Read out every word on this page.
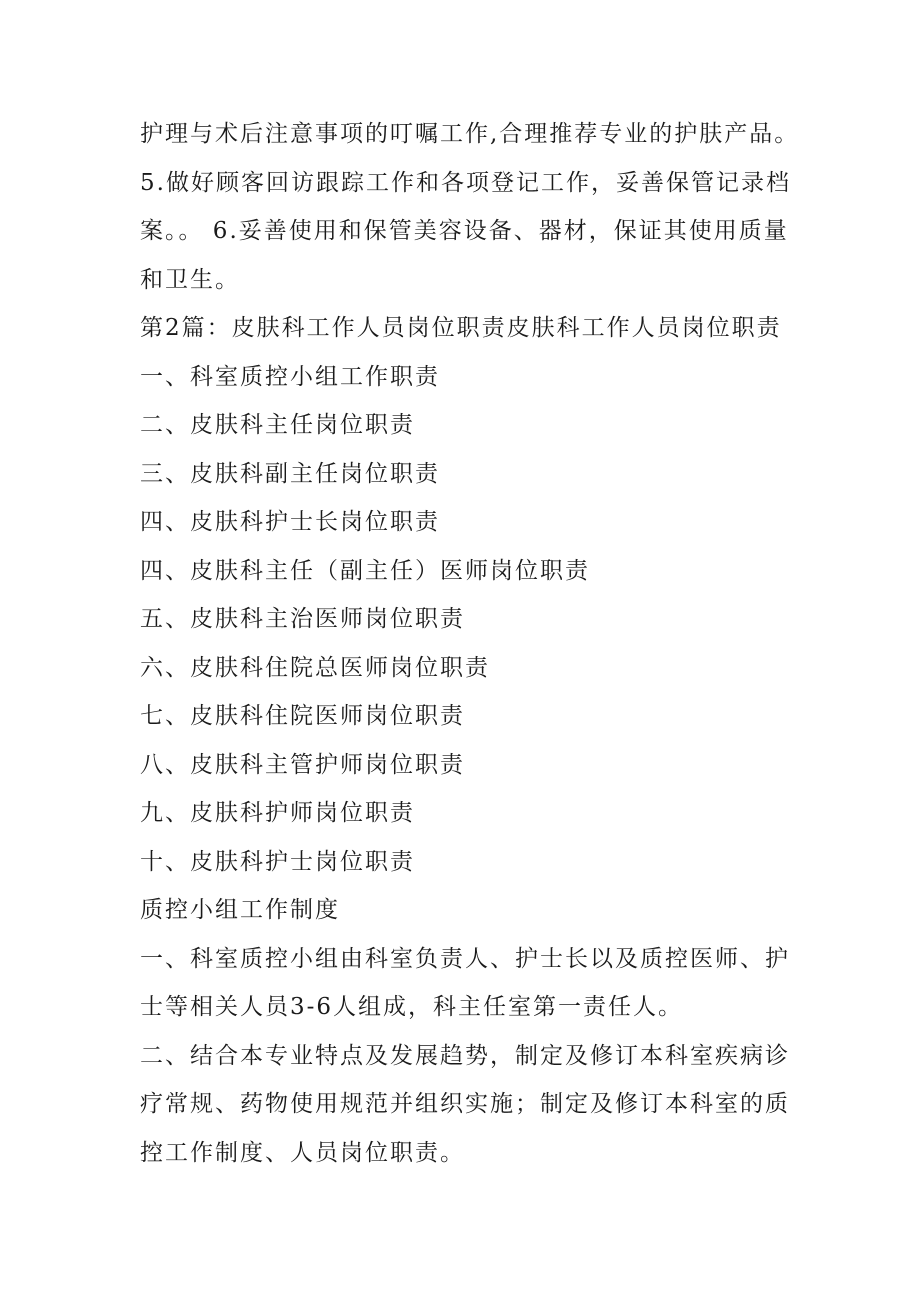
护理与术后注意事项的叮嘱工作,合理推荐专业的护肤产品。
5.做好顾客回访跟踪工作和各项登记工作，妥善保管记录档
案。。 6.妥善使用和保管美容设备、器材，保证其使用质量
和卫生。
第2篇：皮肤科工作人员岗位职责皮肤科工作人员岗位职责
一、科室质控小组工作职责
二、皮肤科主任岗位职责
三、皮肤科副主任岗位职责
四、皮肤科护士长岗位职责
四、皮肤科主任（副主任）医师岗位职责
五、皮肤科主治医师岗位职责
六、皮肤科住院总医师岗位职责
七、皮肤科住院医师岗位职责
八、皮肤科主管护师岗位职责
九、皮肤科护师岗位职责
十、皮肤科护士岗位职责
质控小组工作制度
一、科室质控小组由科室负责人、护士长以及质控医师、护
士等相关人员3-6人组成，科主任室第一责任人。
二、结合本专业特点及发展趋势，制定及修订本科室疾病诊
疗常规、药物使用规范并组织实施；制定及修订本科室的质
控工作制度、人员岗位职责。
